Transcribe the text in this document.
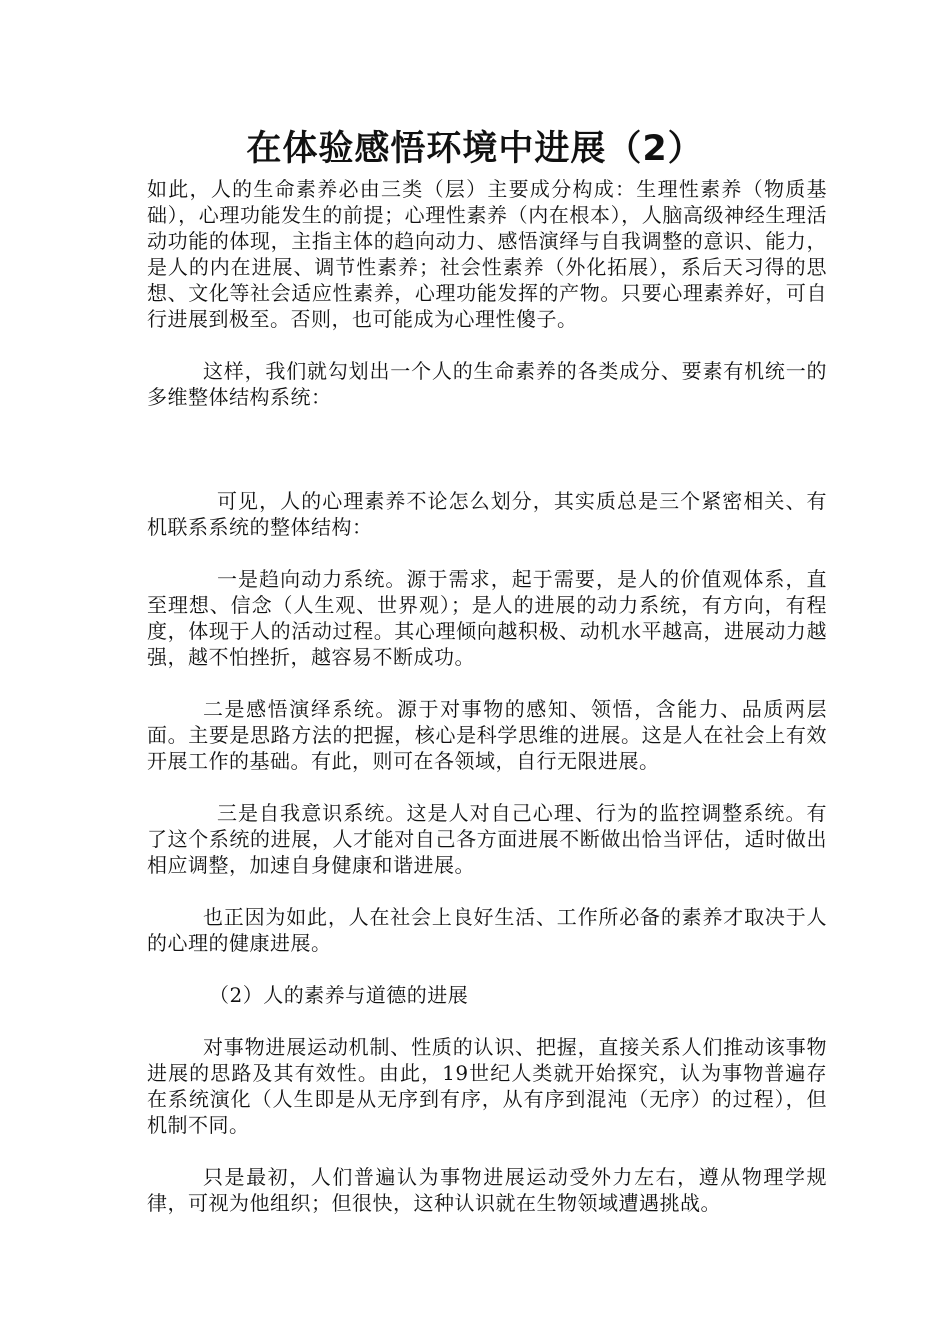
在体验感悟环境中进展（2）

如此，人的生命素养必由三类（层）主要成分构成：生理性素养（物质基础），心理功能发生的前提；心理性素养（内在根本），人脑高级神经生理活动功能的体现，主指主体的趋向动力、感悟演绎与自我调整的意识、能力，是人的内在进展、调节性素养；社会性素养（外化拓展），系后天习得的思想、文化等社会适应性素养，心理功能发挥的产物。只要心理素养好，可自行进展到极至。否则，也可能成为心理性傻子。

这样，我们就勾划出一个人的生命素养的各类成分、要素有机统一的多维整体结构系统：

可见，人的心理素养不论怎么划分，其实质总是三个紧密相关、有机联系系统的整体结构：

一是趋向动力系统。源于需求，起于需要，是人的价值观体系，直至理想、信念（人生观、世界观）；是人的进展的动力系统，有方向，有程度，体现于人的活动过程。其心理倾向越积极、动机水平越高，进展动力越强，越不怕挫折，越容易不断成功。

二是感悟演绎系统。源于对事物的感知、领悟，含能力、品质两层面。主要是思路方法的把握，核心是科学思维的进展。这是人在社会上有效开展工作的基础。有此，则可在各领域，自行无限进展。

三是自我意识系统。这是人对自己心理、行为的监控调整系统。有了这个系统的进展，人才能对自己各方面进展不断做出恰当评估，适时做出相应调整，加速自身健康和谐进展。

也正因为如此，人在社会上良好生活、工作所必备的素养才取决于人的心理的健康进展。

（2）人的素养与道德的进展

对事物进展运动机制、性质的认识、把握，直接关系人们推动该事物进展的思路及其有效性。由此，19世纪人类就开始探究，认为事物普遍存在系统演化（人生即是从无序到有序，从有序到混沌（无序）的过程），但机制不同。

只是最初，人们普遍认为事物进展运动受外力左右，遵从物理学规律，可视为他组织；但很快，这种认识就在生物领域遭遇挑战。
